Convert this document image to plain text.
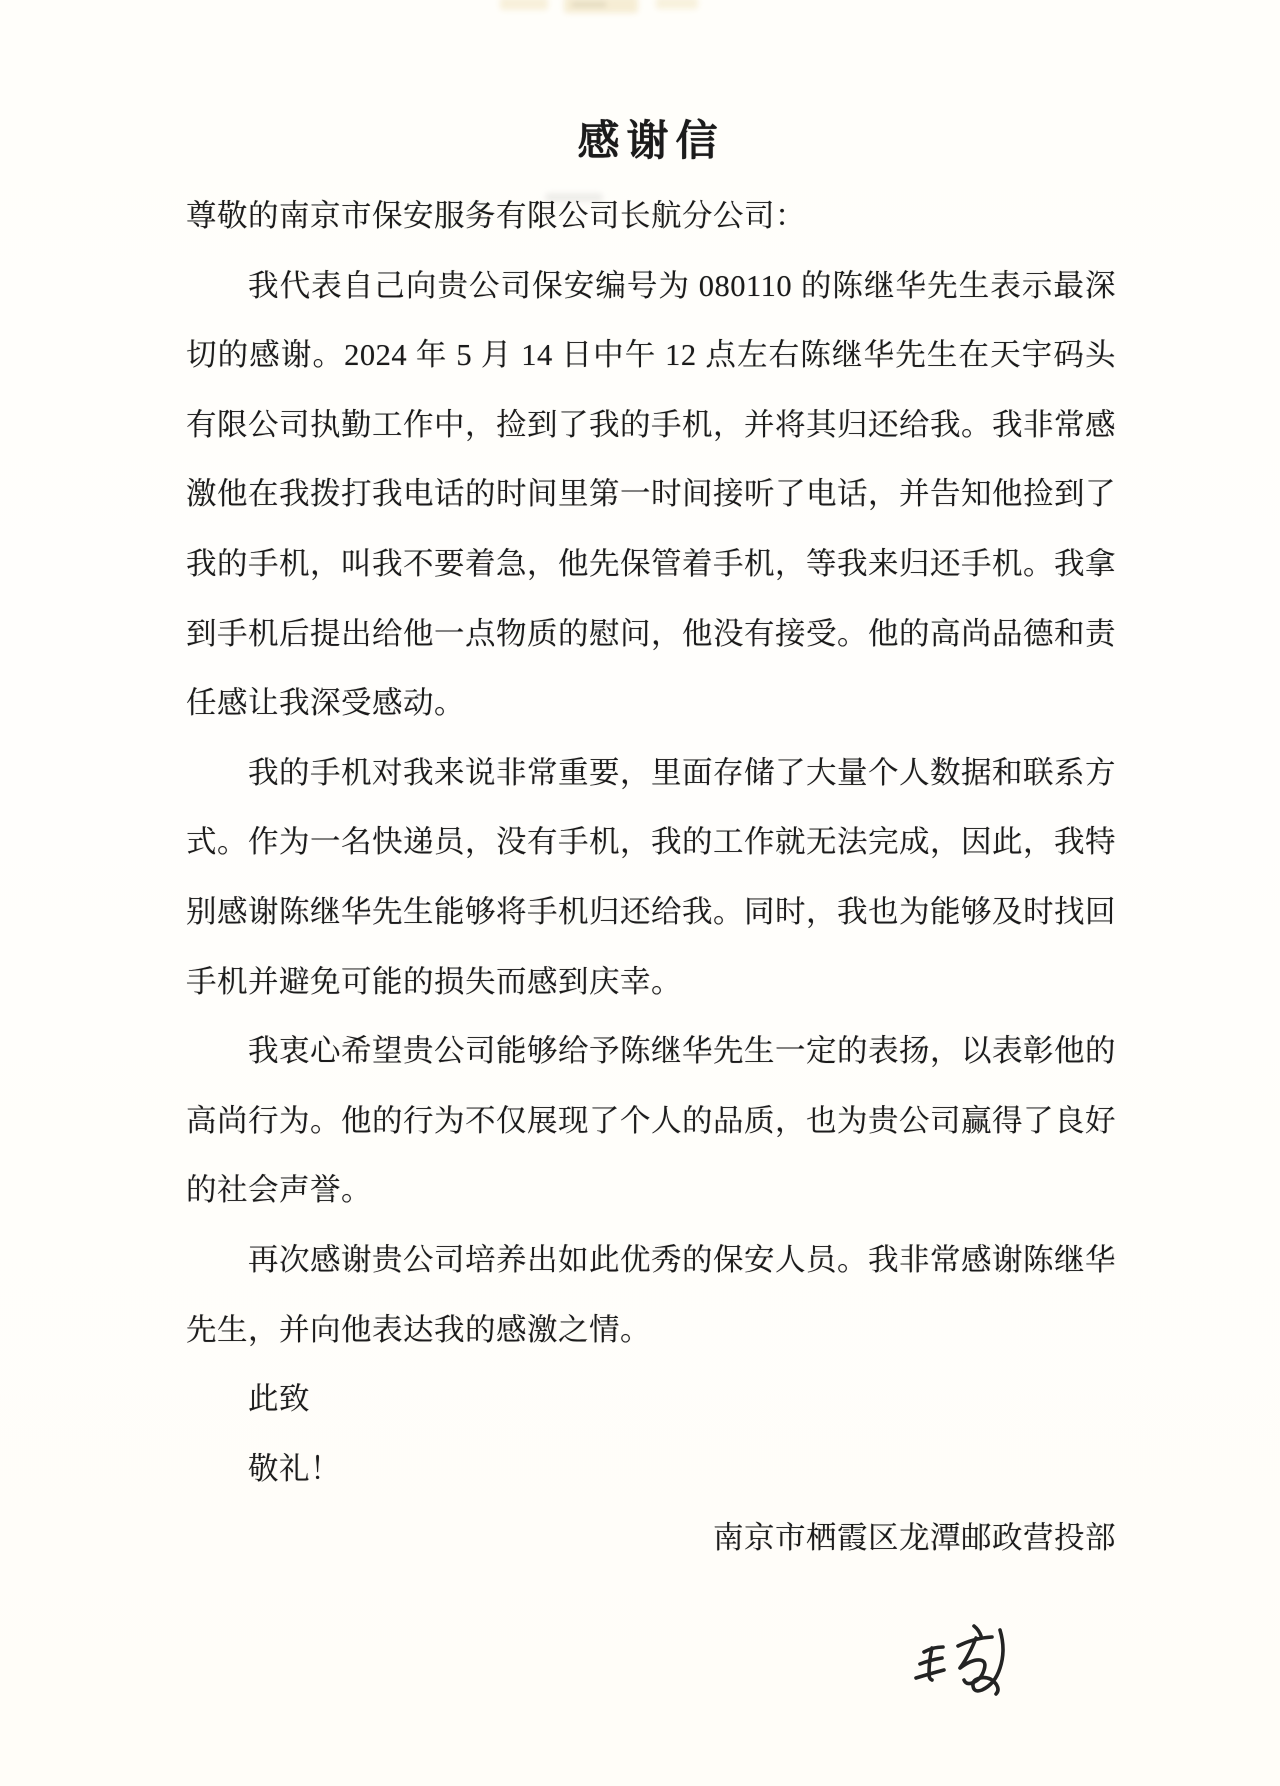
感谢信
尊敬的南京市保安服务有限公司长航分公司：
我代表自己向贵公司保安编号为 080110 的陈继华先生表示最深
切的感谢。2024 年 5 月 14 日中午 12 点左右陈继华先生在天宇码头
有限公司执勤工作中，捡到了我的手机，并将其归还给我。我非常感
激他在我拨打我电话的时间里第一时间接听了电话，并告知他捡到了
我的手机，叫我不要着急，他先保管着手机，等我来归还手机。我拿
到手机后提出给他一点物质的慰问，他没有接受。他的高尚品德和责
任感让我深受感动。
我的手机对我来说非常重要，里面存储了大量个人数据和联系方
式。作为一名快递员，没有手机，我的工作就无法完成，因此，我特
别感谢陈继华先生能够将手机归还给我。同时，我也为能够及时找回
手机并避免可能的损失而感到庆幸。
我衷心希望贵公司能够给予陈继华先生一定的表扬，以表彰他的
高尚行为。他的行为不仅展现了个人的品质，也为贵公司赢得了良好
的社会声誉。
再次感谢贵公司培养出如此优秀的保安人员。我非常感谢陈继华
先生，并向他表达我的感激之情。
此致
敬礼！
南京市栖霞区龙潭邮政营投部
